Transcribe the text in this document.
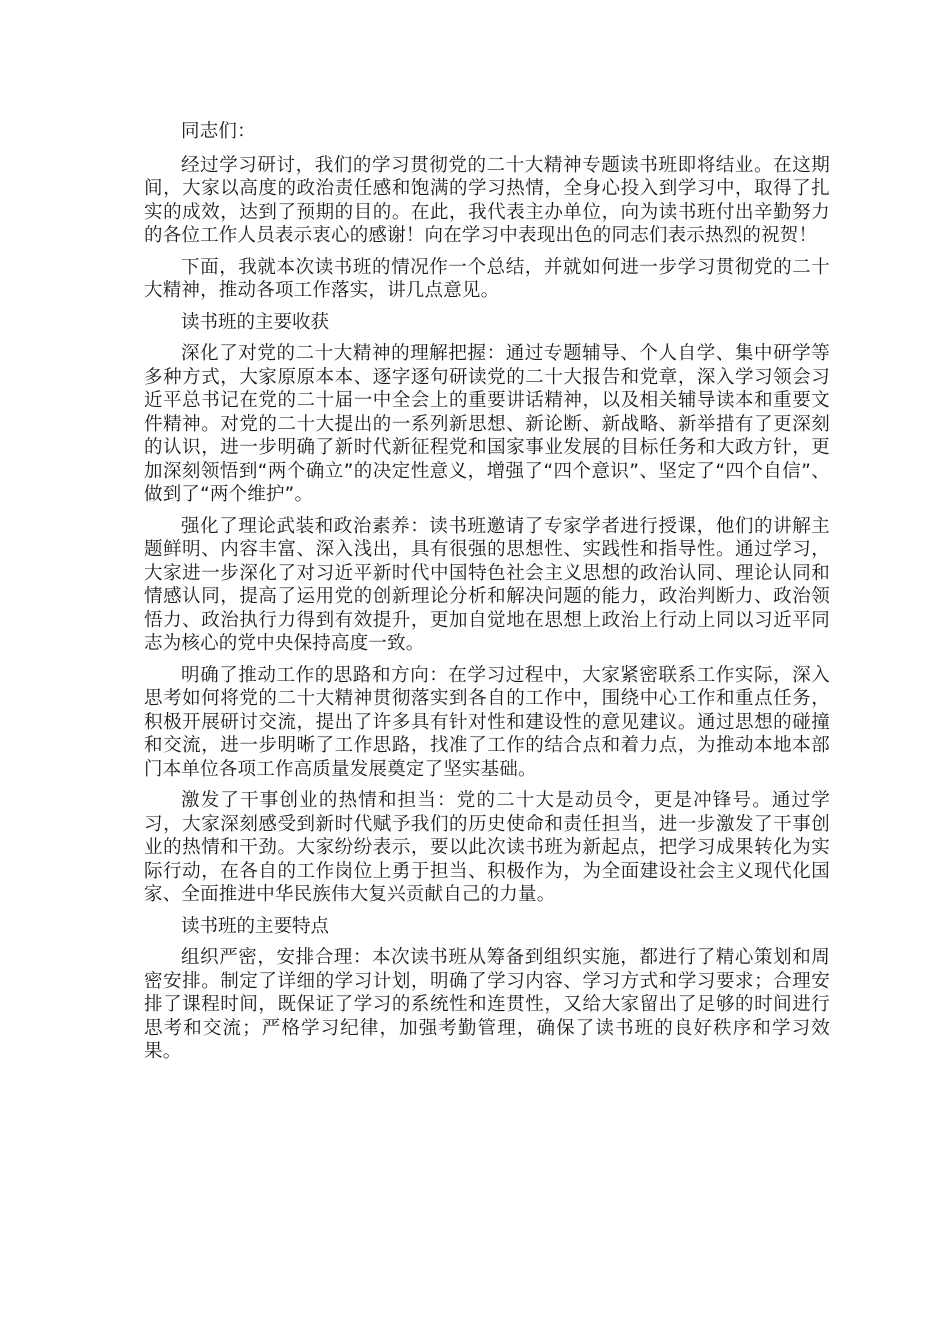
同志们：

经过学习研讨，我们的学习贯彻党的二十大精神专题读书班即将结业。在这期间，大家以高度的政治责任感和饱满的学习热情，全身心投入到学习中，取得了扎实的成效，达到了预期的目的。在此，我代表主办单位，向为读书班付出辛勤努力的各位工作人员表示衷心的感谢！向在学习中表现出色的同志们表示热烈的祝贺！

下面，我就本次读书班的情况作一个总结，并就如何进一步学习贯彻党的二十大精神，推动各项工作落实，讲几点意见。

读书班的主要收获

深化了对党的二十大精神的理解把握：通过专题辅导、个人自学、集中研学等多种方式，大家原原本本、逐字逐句研读党的二十大报告和党章，深入学习领会习近平总书记在党的二十届一中全会上的重要讲话精神，以及相关辅导读本和重要文件精神。对党的二十大提出的一系列新思想、新论断、新战略、新举措有了更深刻的认识，进一步明确了新时代新征程党和国家事业发展的目标任务和大政方针，更加深刻领悟到“两个确立”的决定性意义，增强了“四个意识”、坚定了“四个自信”、做到了“两个维护”。

强化了理论武装和政治素养：读书班邀请了专家学者进行授课，他们的讲解主题鲜明、内容丰富、深入浅出，具有很强的思想性、实践性和指导性。通过学习，大家进一步深化了对习近平新时代中国特色社会主义思想的政治认同、理论认同和情感认同，提高了运用党的创新理论分析和解决问题的能力，政治判断力、政治领悟力、政治执行力得到有效提升，更加自觉地在思想上政治上行动上同以习近平同志为核心的党中央保持高度一致。

明确了推动工作的思路和方向：在学习过程中，大家紧密联系工作实际，深入思考如何将党的二十大精神贯彻落实到各自的工作中，围绕中心工作和重点任务，积极开展研讨交流，提出了许多具有针对性和建设性的意见建议。通过思想的碰撞和交流，进一步明晰了工作思路，找准了工作的结合点和着力点，为推动本地本部门本单位各项工作高质量发展奠定了坚实基础。

激发了干事创业的热情和担当：党的二十大是动员令，更是冲锋号。通过学习，大家深刻感受到新时代赋予我们的历史使命和责任担当，进一步激发了干事创业的热情和干劲。大家纷纷表示，要以此次读书班为新起点，把学习成果转化为实际行动，在各自的工作岗位上勇于担当、积极作为，为全面建设社会主义现代化国家、全面推进中华民族伟大复兴贡献自己的力量。

读书班的主要特点

组织严密，安排合理：本次读书班从筹备到组织实施，都进行了精心策划和周密安排。制定了详细的学习计划，明确了学习内容、学习方式和学习要求；合理安排了课程时间，既保证了学习的系统性和连贯性，又给大家留出了足够的时间进行思考和交流；严格学习纪律，加强考勤管理，确保了读书班的良好秩序和学习效果。
